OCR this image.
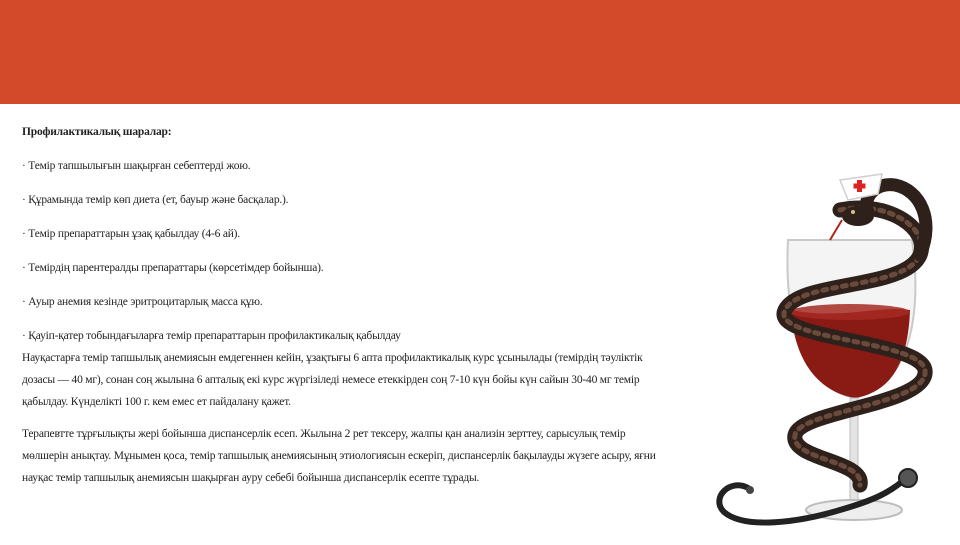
Профилактикалық шаралар:

· Темір тапшылығын шақырған себептерді жою.

· Құрамында темір көп диета (ет, бауыр және басқалар.).

· Темір препараттарын ұзақ қабылдау (4-6 ай).

· Темірдің парентералды препараттары (көрсетімдер бойынша).

· Ауыр анемия кезінде эритроцитарлық масса құю.

· Қауіп-қатер тобындағыларға темір препараттарын профилактикалық қабылдау

Науқастарға темір тапшылық анемиясын емдегеннен кейін, ұзақтығы 6 апта профилактикалық курс ұсынылады (темірдің тәуліктік дозасы — 40 мг), сонан соң жылына 6 апталық екі курс жүргізіледі немесе етеккірден соң 7-10 күн бойы күн сайын 30-40 мг темір қабылдау. Күнделікті 100 г. кем емес ет пайдалану қажет.

Терапевтте тұрғылықты жері бойынша диспансерлік есеп. Жылына 2 рет тексеру, жалпы қан анализін зерттеу, сарысулық темір мөлшерін анықтау. Мұнымен қоса, темір тапшылық анемиясының этиологиясын ескеріп, диспансерлік бақылауды жүзеге асыру, яғни науқас темір тапшылық анемиясын шақырған ауру себебі бойынша диспансерлік есепте тұрады.
